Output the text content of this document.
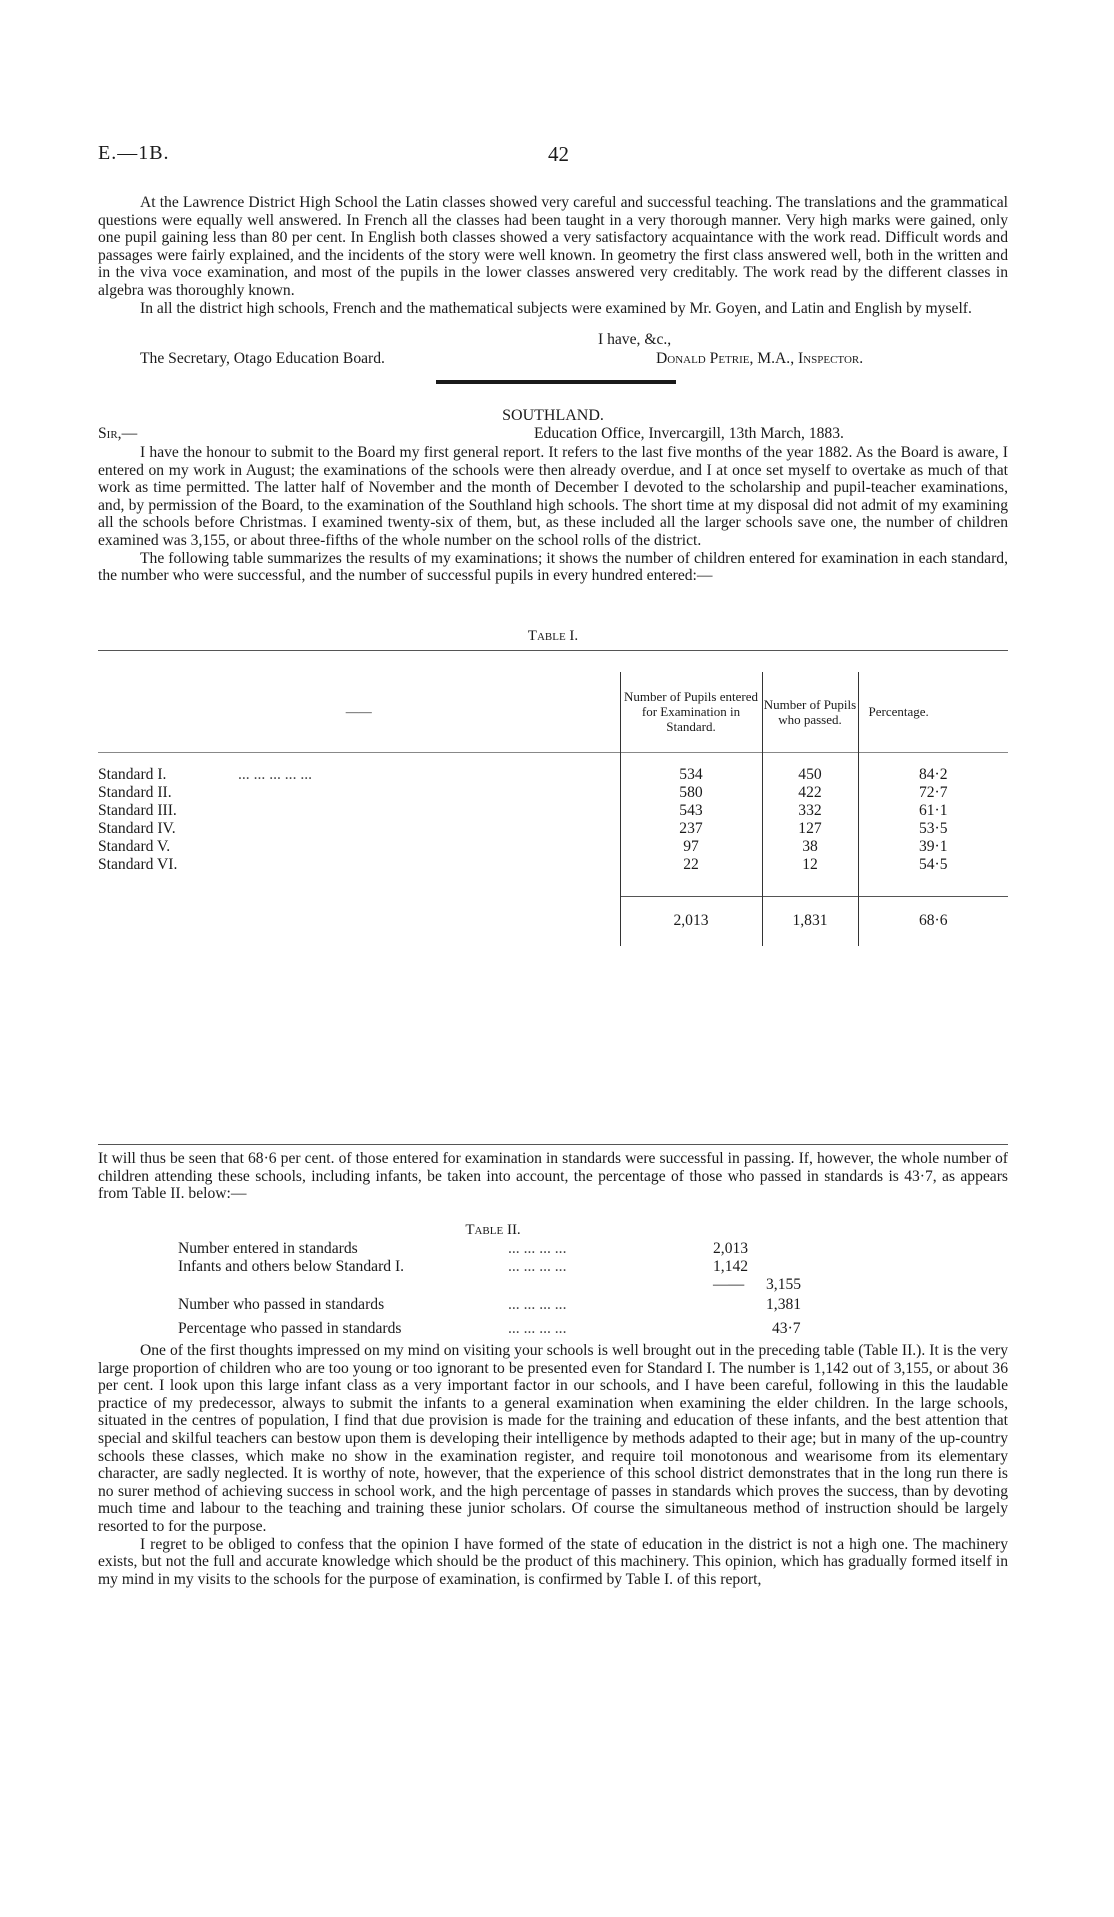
E.—1B.	42

At the Lawrence District High School the Latin classes showed very careful and successful teaching. The translations and the grammatical questions were equally well answered. In French all the classes had been taught in a very thorough manner. Very high marks were gained, only one pupil gaining less than 80 per cent. In English both classes showed a very satisfactory acquaintance with the work read. Difficult words and passages were fairly explained, and the incidents of the story were well known. In geometry the first class answered well, both in the written and in the viva voce examination, and most of the pupils in the lower classes answered very creditably. The work read by the different classes in algebra was thoroughly known.

In all the district high schools, French and the mathematical subjects were examined by Mr. Goyen, and Latin and English by myself.

I have, &c.,
The Secretary, Otago Education Board.	Donald Petrie, M.A., Inspector.
SOUTHLAND.
Sir,—	Education Office, Invercargill, 13th March, 1883.

I have the honour to submit to the Board my first general report. It refers to the last five months of the year 1882. As the Board is aware, I entered on my work in August; the examinations of the schools were then already overdue, and I at once set myself to overtake as much of that work as time permitted. The latter half of November and the month of December I devoted to the scholarship and pupil-teacher examinations, and, by permission of the Board, to the examination of the Southland high schools. The short time at my disposal did not admit of my examining all the schools before Christmas. I examined twenty-six of them, but, as these included all the larger schools save one, the number of children examined was 3,155, or about three-fifths of the whole number on the school rolls of the district.

The following table summarizes the results of my examinations; it shows the number of children entered for examination in each standard, the number who were successful, and the number of successful pupils in every hundred entered:—

Table I.
——	Number of Pupils entered for Examination in Standard.	Number of Pupils who passed.	Percentage.

Standard I. ... ... ... ... ...	534	450	84·2
Standard II.	580	422	72·7
Standard III.	543	332	61·1
Standard IV.	237	127	53·5
Standard V.	97	38	39·1
Standard VI.	22	12	54·5

	2,013	1,831	68·6

It will thus be seen that 68·6 per cent. of those entered for examination in standards were successful in passing. If, however, the whole number of children attending these schools, including infants, be taken into account, the percentage of those who passed in standards is 43·7, as appears from Table II. below:—

Table II.
Number entered in standards	... ... ... ...	2,013
Infants and others below Standard I.	... ... ... ...	1,142
—— 3,155
Number who passed in standards	... ... ... ...	1,381
Percentage who passed in standards	... ... ... ...	43·7

One of the first thoughts impressed on my mind on visiting your schools is well brought out in the preceding table (Table II.). It is the very large proportion of children who are too young or too ignorant to be presented even for Standard I. The number is 1,142 out of 3,155, or about 36 per cent. I look upon this large infant class as a very important factor in our schools, and I have been careful, following in this the laudable practice of my predecessor, always to submit the infants to a general examination when examining the elder children. In the large schools, situated in the centres of population, I find that due provision is made for the training and education of these infants, and the best attention that special and skilful teachers can bestow upon them is developing their intelligence by methods adapted to their age; but in many of the up-country schools these classes, which make no show in the examination register, and require toil monotonous and wearisome from its elementary character, are sadly neglected. It is worthy of note, however, that the experience of this school district demonstrates that in the long run there is no surer method of achieving success in school work, and the high percentage of passes in standards which proves the success, than by devoting much time and labour to the teaching and training these junior scholars. Of course the simultaneous method of instruction should be largely resorted to for the purpose.

I regret to be obliged to confess that the opinion I have formed of the state of education in the district is not a high one. The machinery exists, but not the full and accurate knowledge which should be the product of this machinery. This opinion, which has gradually formed itself in my mind in my visits to the schools for the purpose of examination, is confirmed by Table I. of this report,
